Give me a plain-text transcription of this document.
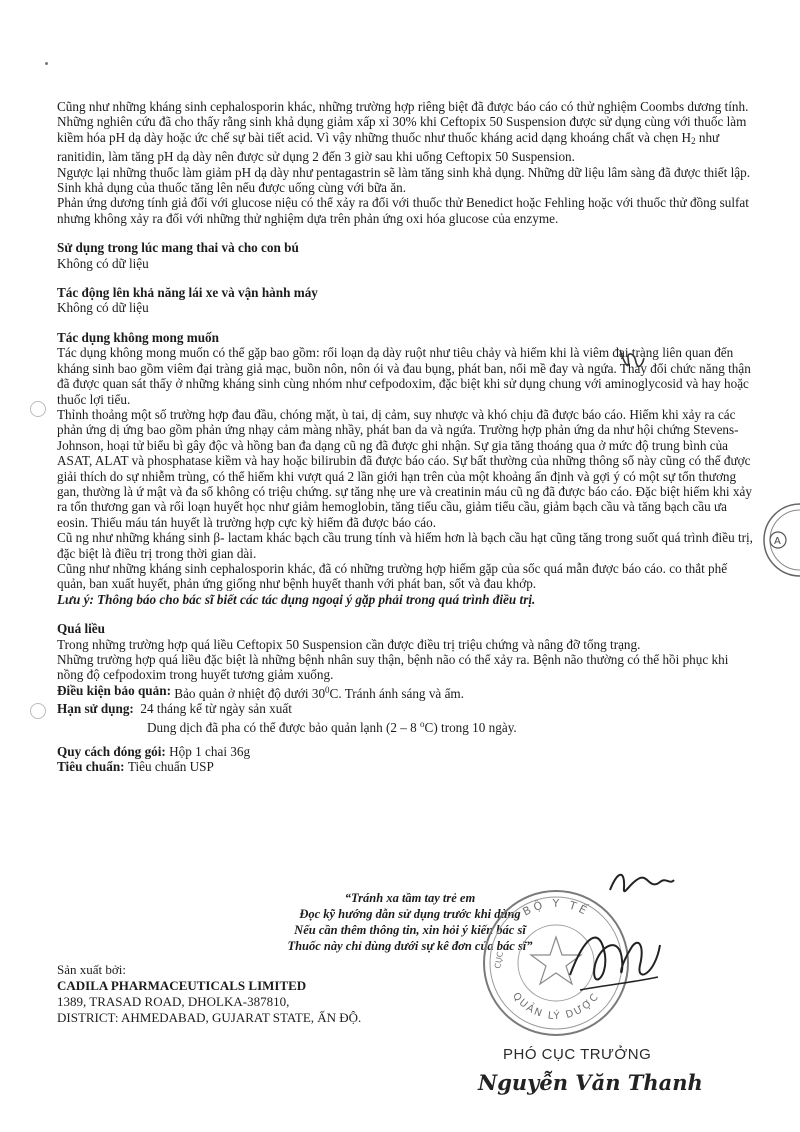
Cũng như những kháng sinh cephalosporin khác, những trường hợp riêng biệt đã được báo cáo có thử nghiệm Coombs dương tính.

Những nghiên cứu đã cho thấy rằng sinh khả dụng giảm xấp xỉ 30% khi Ceftopix 50 Suspension được sử dụng cùng với thuốc làm kiềm hóa pH dạ dày hoặc ức chế sự bài tiết acid. Vì vậy những thuốc như thuốc kháng acid dạng khoáng chất và chẹn $H_2$ như ranitidin, làm tăng pH dạ dày nên được sử dụng 2 đến 3 giờ sau khi uống Ceftopix 50 Suspension.

Ngược lại những thuốc làm giảm pH dạ dày như pentagastrin sẽ làm tăng sinh khả dụng. Những dữ liệu lâm sàng đã được thiết lập.

Sinh khả dụng của thuốc tăng lên nếu được uống cùng với bữa ăn.

Phản ứng dương tính giả đối với glucose niệu có thể xảy ra đối với thuốc thử Benedict hoặc Fehling hoặc với thuốc thử đồng sulfat nhưng không xảy ra đối với những thử nghiệm dựa trên phản ứng oxi hóa glucose của enzyme.

Sử dụng trong lúc mang thai và cho con bú

Không có dữ liệu

Tác động lên khả năng lái xe và vận hành máy

Không có dữ liệu

Tác dụng không mong muốn

Tác dụng không mong muốn có thể gặp bao gồm: rối loạn dạ dày ruột như tiêu chảy và hiếm khi là viêm đại tràng liên quan đến kháng sinh bao gồm viêm đại tràng giả mạc, buồn nôn, nôn ói và đau bụng, phát ban, nổi mề đay và ngứa. Thay đổi chức năng thận đã được quan sát thấy ở những kháng sinh cùng nhóm như cefpodoxim, đặc biệt khi sử dụng chung với aminoglycosid và hay hoặc thuốc lợi tiểu.

Thỉnh thoảng một số trường hợp đau đầu, chóng mặt, ù tai, dị cảm, suy nhược và khó chịu đã được báo cáo. Hiếm khi xảy ra các phản ứng dị ứng bao gồm phản ứng nhạy cảm màng nhầy, phát ban da và ngứa. Trường hợp phản ứng da như hội chứng Stevens-Johnson, hoại tử biểu bì gây độc và hồng ban đa dạng cũ ng đã được ghi nhận. Sự gia tăng thoáng qua ở mức độ trung bình của ASAT, ALAT và phosphatase kiềm và hay hoặc bilirubin đã được báo cáo. Sự bất thường của những thông số này cũng có thể được giải thích do sự nhiễm trùng, có thể hiếm khi vượt quá 2 lần giới hạn trên của một khoảng ấn định và gợi ý có một sự tổn thương gan, thường là ứ mật và đa số không có triệu chứng. sự tăng nhẹ ure và creatinin máu cũ ng đã được báo cáo. Đặc biệt hiếm khi xảy ra tổn thương gan và rối loạn huyết học như giảm hemoglobin, tăng tiểu cầu, giảm tiểu cầu, giảm bạch cầu và tăng bạch cầu ưa eosin. Thiếu máu tán huyết là trường hợp cực kỳ hiếm đã được báo cáo.

Cũ ng như những kháng sinh β- lactam khác bạch cầu trung tính và hiếm hơn là bạch cầu hạt cũng tăng trong suốt quá trình điều trị, đặc biệt là điều trị trong thời gian dài.

Cũng như những kháng sinh cephalosporin khác, đã có những trường hợp hiếm gặp của sốc quá mẫn được báo cáo. co thắt phế quản, ban xuất huyết, phản ứng giống như bệnh huyết thanh với phát ban, sốt và đau khớp.

Lưu ý: Thông báo cho bác sĩ biết các tác dụng ngoại ý gặp phải trong quá trình điều trị.

Quá liều

Trong những trường hợp quá liều Ceftopix 50 Suspension cần được điều trị triệu chứng và nâng đỡ tổng trạng.

Những trường hợp quá liều đặc biệt là những bệnh nhân suy thận, bệnh não có thể xảy ra. Bệnh não thường có thể hồi phục khi nồng độ cefpodoxim trong huyết tương giảm xuống.

Điều kiện bảo quản: Bảo quản ở nhiệt độ dưới $30^0C$. Tránh ánh sáng và ẩm.
Hạn sử dụng: 24 tháng kể từ ngày sản xuất

Dung dịch đã pha có thể được bảo quản lạnh (2 – 8 $^o$C) trong 10 ngày.

Quy cách đóng gói: Hộp 1 chai 36g
Tiêu chuẩn: Tiêu chuẩn USP
“Tránh xa tầm tay trẻ em
Đọc kỹ hướng dẫn sử dụng trước khi dùng
Nếu cần thêm thông tin, xin hỏi ý kiến bác sĩ
Thuốc này chỉ dùng dưới sự kê đơn của bác sĩ”
Sản xuất bởi:
CADILA PHARMACEUTICALS LIMITED
1389, TRASAD ROAD, DHOLKA-387810,
DISTRICT: AHMEDABAD, GUJARAT STATE, ẤN ĐỘ.
BỘ Y TẾ
QUẢN LÝ DƯỢC
CỤC
A
PHÓ CỤC TRƯỞNG
Nguyễn Văn Thanh
